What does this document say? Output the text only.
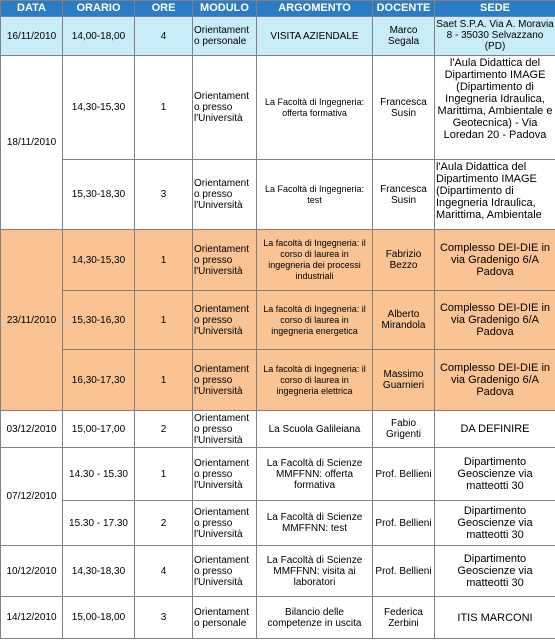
DATA	ORARIO	ORE	MODULO	ARGOMENTO	DOCENTE	SEDE
16/11/2010	14,00-18,00	4	Orientament o personale	VISITA AZIENDALE	Marco Segala	Saet S.P.A. Via A. Moravia 8 - 35030 Selvazzano (PD)

18/11/2010	14,30-15,30	1	Orientament o presso l'Università	La Facoltà di Ingegneria: offerta formativa	Francesca Susin	l'Aula Didattica del Dipartimento IMAGE (Dipartimento di Ingegneria Idraulica, Marittima, Ambientale e Geotecnica) - Via Loredan 20 - Padova

	15,30-18,30	3	Orientament o presso l'Università	La Facoltà di Ingegneria: test	Francesca Susin	l'Aula Didattica del Dipartimento IMAGE (Dipartimento di Ingegneria Idraulica, Marittima, Ambientale

23/11/2010	14,30-15,30	1	Orientament o presso l'Università	La facoltà di Ingegneria: il corso di laurea in ingegneria dei processi industriali	Fabrizio Bezzo	Complesso DEI-DIE in via Gradenigo 6/A Padova
	15,30-16,30	1	Orientament o presso l'Università	La facoltà di Ingegneria: il corso di laurea in ingegneria energetica	Alberto Mirandola	Complesso DEI-DIE in via Gradenigo 6/A Padova
	16,30-17,30	1	Orientament o presso l'Università	La facoltà di Ingegneria: il corso di laurea in ingegneria elettrica	Massimo Guarnieri	Complesso DEI-DIE in via Gradenigo 6/A Padova
03/12/2010	15,00-17,00	2	Orientament o presso l'Università	La Scuola Galileiana	Fabio Grigenti	DA DEFINIRE
07/12/2010	14.30 - 15.30	1	Orientament o presso l'Università	La Facoltà di Scienze MMFFNN: offerta formativa	Prof. Bellieni	Dipartimento Geoscienze via matteotti 30
	15.30 - 17.30	2	Orientament o presso l'Università	La Facoltà di Scienze MMFFNN: test	Prof. Bellieni	Dipartimento Geoscienze via matteotti 30
10/12/2010	14,30-18,30	4	Orientament o presso l'Università	La Facoltà di Scienze MMFFNN: visita ai laboratori	Prof. Bellieni	Dipartimento Geoscienze via matteotti 30
14/12/2010	15,00-18,00	3	Orientament o personale	Bilancio delle competenze in uscita	Federica Zerbini	ITIS MARCONI
